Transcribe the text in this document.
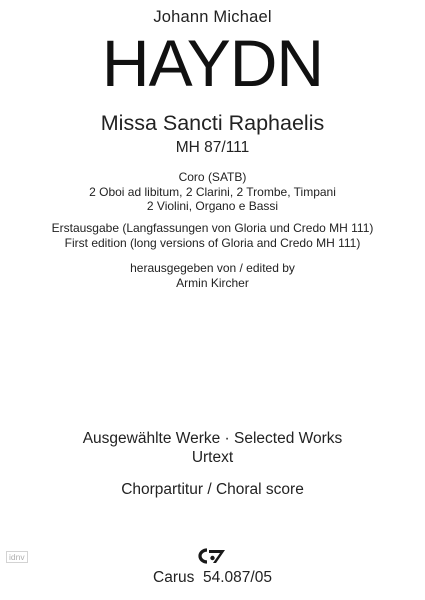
Johann Michael
HAYDN
Missa Sancti Raphaelis
MH 87/111
Coro (SATB)
2 Oboi ad libitum, 2 Clarini, 2 Trombe, Timpani
2 Violini, Organo e Bassi
Erstausgabe (Langfassungen von Gloria und Credo MH 111)
First edition (long versions of Gloria and Credo MH 111)
herausgegeben von / edited by
Armin Kircher
Ausgewählte Werke · Selected Works
Urtext
Chorpartitur / Choral score
idnv
Carus  54.087/05
